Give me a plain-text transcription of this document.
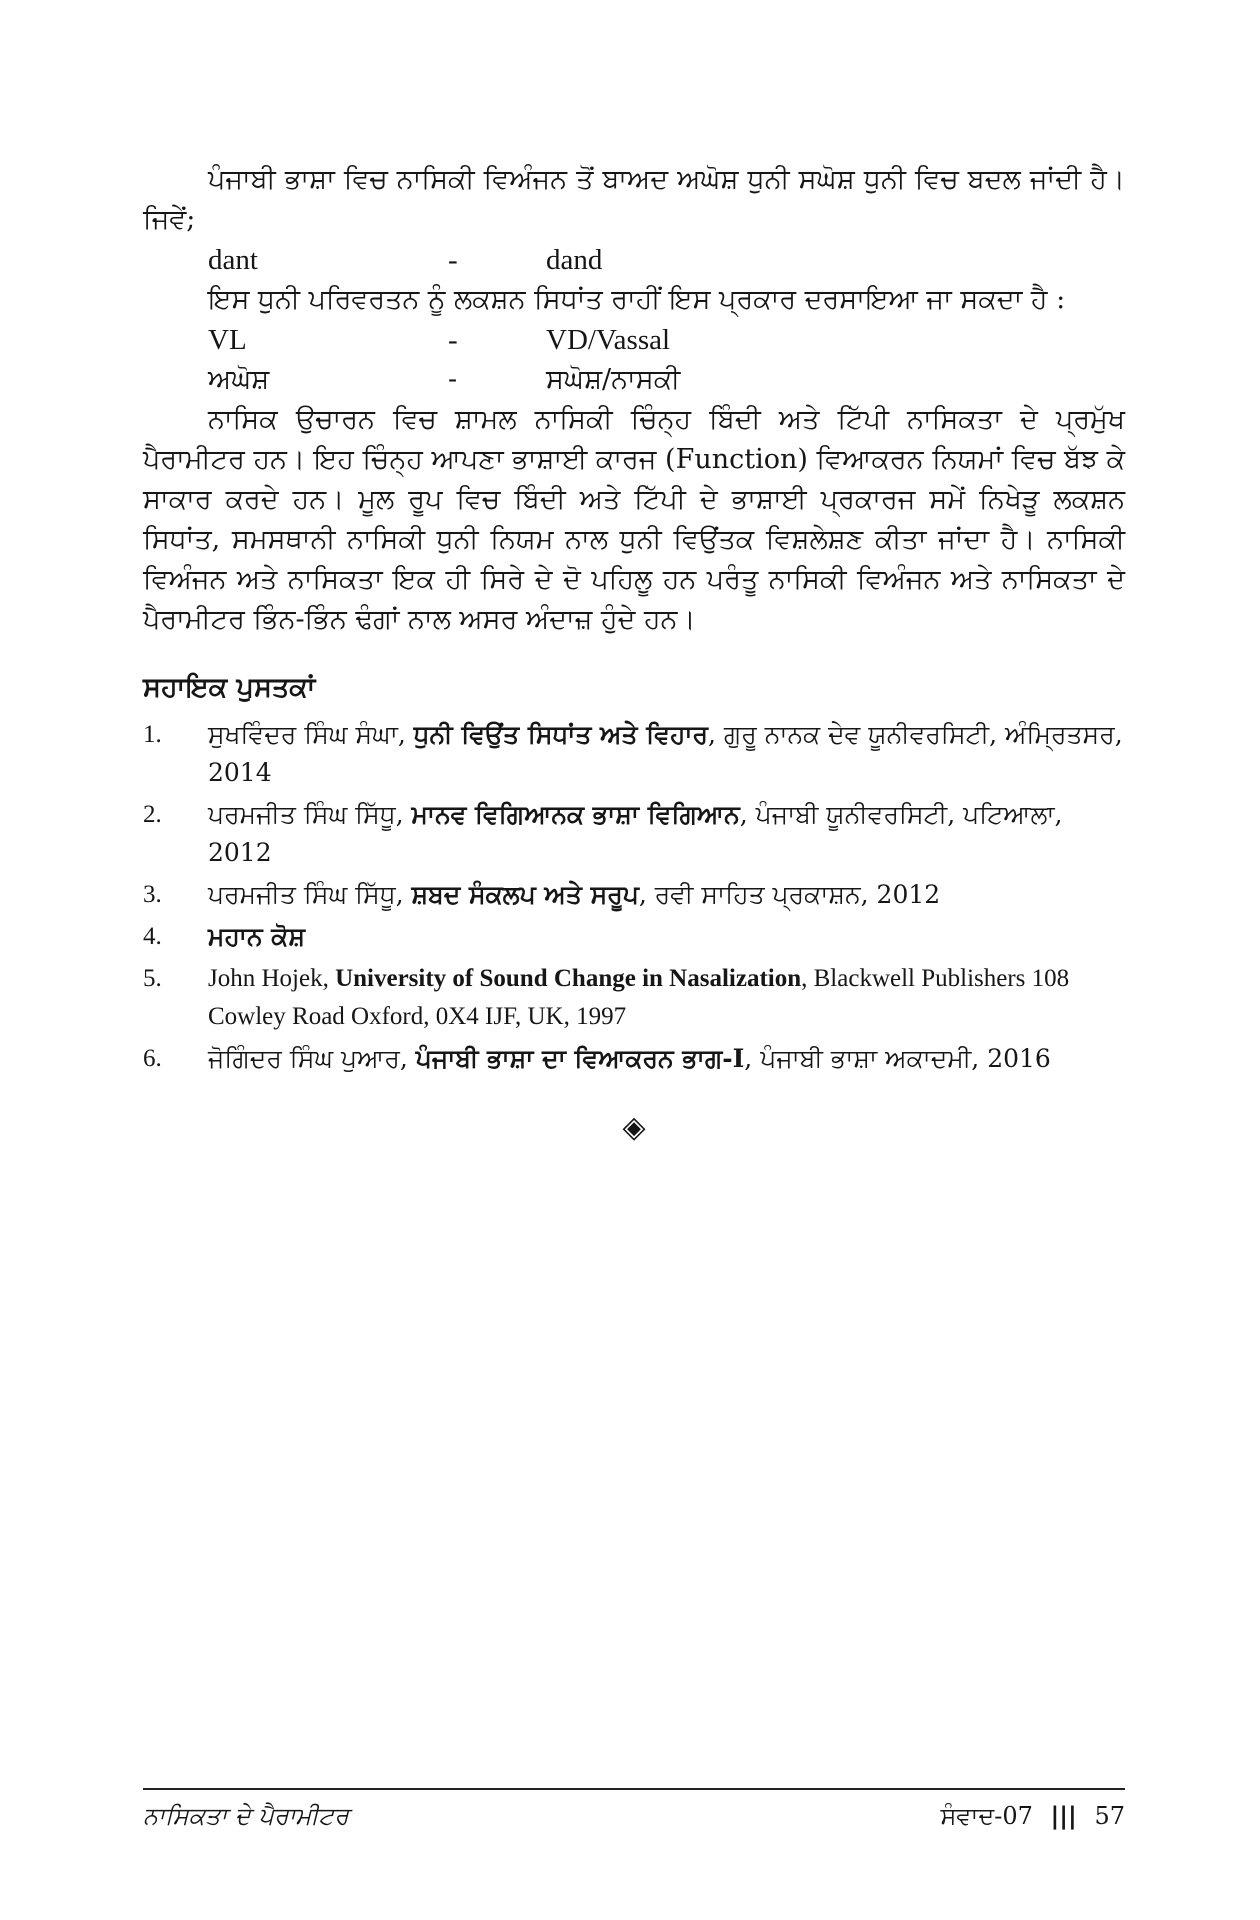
ਪੰਜਾਬੀ ਭਾਸ਼ਾ ਵਿਚ ਨਾਸਿਕੀ ਵਿਅੰਜਨ ਤੋਂ ਬਾਅਦ ਅਘੋਸ਼ ਧੁਨੀ ਸਘੋਸ਼ ਧੁਨੀ ਵਿਚ ਬਦਲ ਜਾਂਦੀ ਹੈ। ਜਿਵੇਂ;

dant	-	dand

ਇਸ ਧੁਨੀ ਪਰਿਵਰਤਨ ਨੂੰ ਲਕਸ਼ਨ ਸਿਧਾਂਤ ਰਾਹੀਂ ਇਸ ਪ੍ਰਕਾਰ ਦਰਸਾਇਆ ਜਾ ਸਕਦਾ ਹੈ :

VL	-	VD/Vassal
ਅਘੋਸ਼	-	ਸਘੋਸ਼/ਨਾਸਕੀ

ਨਾਸਿਕ ਉਚਾਰਨ ਵਿਚ ਸ਼ਾਮਲ ਨਾਸਿਕੀ ਚਿੰਨ੍ਹ ਬਿੰਦੀ ਅਤੇ ਟਿੱਪੀ ਨਾਸਿਕਤਾ ਦੇ ਪ੍ਰਮੁੱਖ ਪੈਰਾਮੀਟਰ ਹਨ। ਇਹ ਚਿੰਨ੍ਹ ਆਪਣਾ ਭਾਸ਼ਾਈ ਕਾਰਜ (Function) ਵਿਆਕਰਨ ਨਿਯਮਾਂ ਵਿਚ ਬੱਝ ਕੇ ਸਾਕਾਰ ਕਰਦੇ ਹਨ। ਮੂਲ ਰੂਪ ਵਿਚ ਬਿੰਦੀ ਅਤੇ ਟਿੱਪੀ ਦੇ ਭਾਸ਼ਾਈ ਪ੍ਰਕਾਰਜ ਸਮੇਂ ਨਿਖੇੜੂ ਲਕਸ਼ਨ ਸਿਧਾਂਤ, ਸਮਸਥਾਨੀ ਨਾਸਿਕੀ ਧੁਨੀ ਨਿਯਮ ਨਾਲ ਧੁਨੀ ਵਿਉਂਤਕ ਵਿਸ਼ਲੇਸ਼ਣ ਕੀਤਾ ਜਾਂਦਾ ਹੈ। ਨਾਸਿਕੀ ਵਿਅੰਜਨ ਅਤੇ ਨਾਸਿਕਤਾ ਇਕ ਹੀ ਸਿਰੇ ਦੇ ਦੋ ਪਹਿਲੂ ਹਨ ਪਰੰਤੂ ਨਾਸਿਕੀ ਵਿਅੰਜਨ ਅਤੇ ਨਾਸਿਕਤਾ ਦੇ ਪੈਰਾਮੀਟਰ ਭਿੰਨ-ਭਿੰਨ ਢੰਗਾਂ ਨਾਲ ਅਸਰ ਅੰਦਾਜ਼ ਹੁੰਦੇ ਹਨ।

ਸਹਾਇਕ ਪੁਸਤਕਾਂ
1. ਸੁਖਵਿੰਦਰ ਸਿੰਘ ਸੰਘਾ, ਧੁਨੀ ਵਿਉਂਤ ਸਿਧਾਂਤ ਅਤੇ ਵਿਹਾਰ, ਗੁਰੂ ਨਾਨਕ ਦੇਵ ਯੂਨੀਵਰਸਿਟੀ, ਅੰਮ੍ਰਿਤਸਰ, 2014
2. ਪਰਮਜੀਤ ਸਿੰਘ ਸਿੱਧੂ, ਮਾਨਵ ਵਿਗਿਆਨਕ ਭਾਸ਼ਾ ਵਿਗਿਆਨ, ਪੰਜਾਬੀ ਯੂਨੀਵਰਸਿਟੀ, ਪਟਿਆਲਾ, 2012
3. ਪਰਮਜੀਤ ਸਿੰਘ ਸਿੱਧੂ, ਸ਼ਬਦ ਸੰਕਲਪ ਅਤੇ ਸਰੂਪ, ਰਵੀ ਸਾਹਿਤ ਪ੍ਰਕਾਸ਼ਨ, 2012
4. ਮਹਾਨ ਕੋਸ਼
5. John Hojek, University of Sound Change in Nasalization, Blackwell Publishers 108 Cowley Road Oxford, 0X4 IJF, UK, 1997
6. ਜੋਗਿੰਦਰ ਸਿੰਘ ਪੁਆਰ, ਪੰਜਾਬੀ ਭਾਸ਼ਾ ਦਾ ਵਿਆਕਰਨ ਭਾਗ-I, ਪੰਜਾਬੀ ਭਾਸ਼ਾ ਅਕਾਦਮੀ, 2016
◈
ਨਾਸਿਕਤਾ ਦੇ ਪੈਰਾਮੀਟਰ	ਸੰਵਾਦ-07 ||| 57
